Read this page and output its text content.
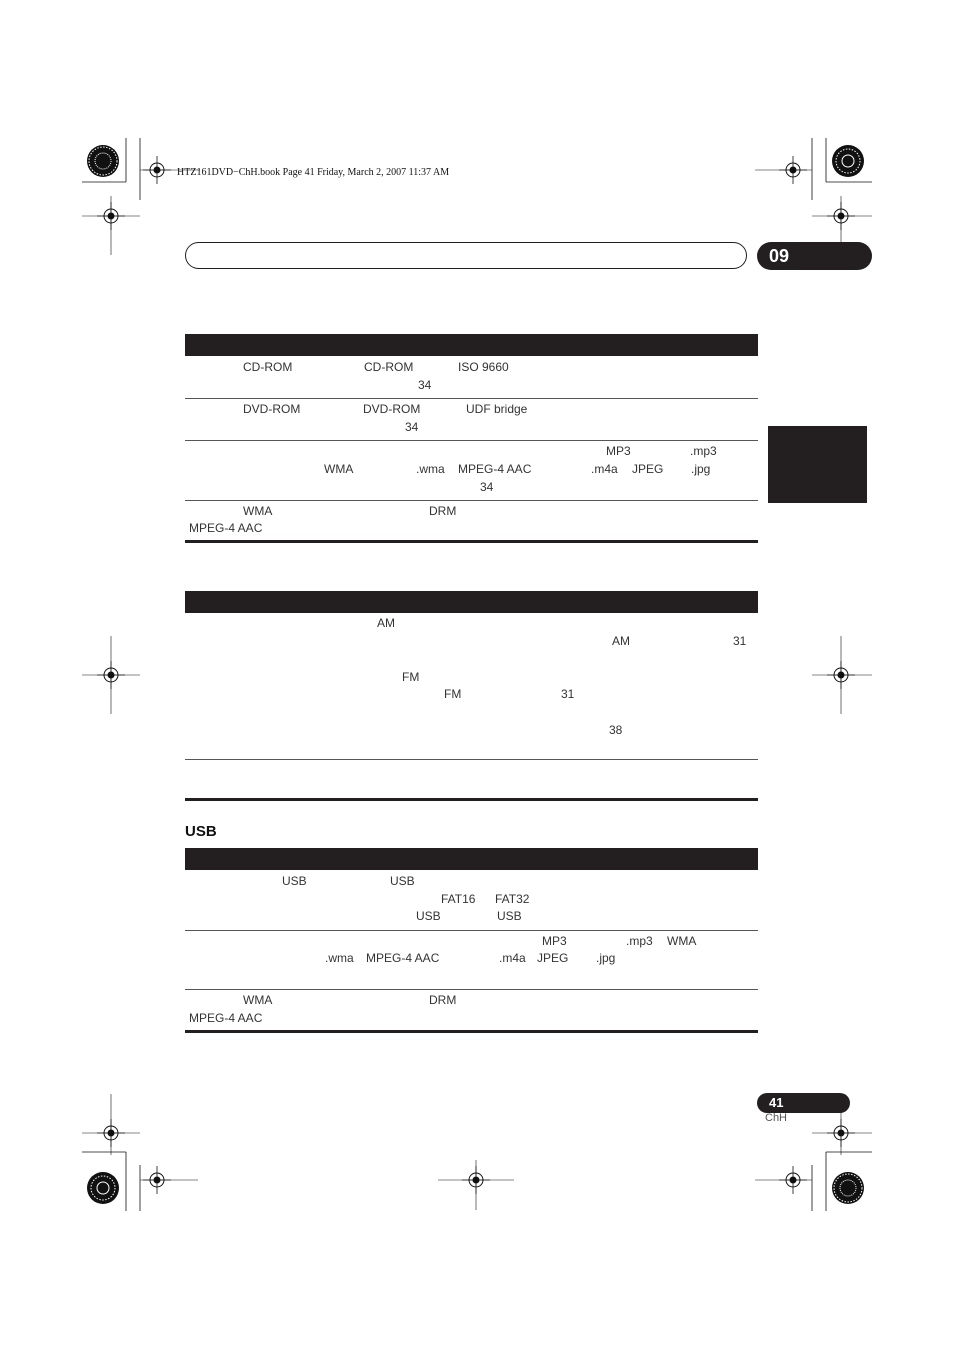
HTZ161DVD−ChH.book Page 41 Friday, March 2, 2007 11:37 AM
09
CD-ROM	CD-ROM	ISO 9660
34
DVD-ROM	DVD-ROM	UDF bridge
34
MP3	.mp3
WMA	.wma MPEG-4 AAC	.m4a JPEG .jpg
34
WMA	DRM
MPEG-4 AAC
AM
AM	31
FM
FM	31
38
USB
USB	USB
FAT16 FAT32
USB	USB
MP3	.mp3 WMA
.wma MPEG-4 AAC	.m4a JPEG .jpg
WMA	DRM
MPEG-4 AAC
41
ChH
